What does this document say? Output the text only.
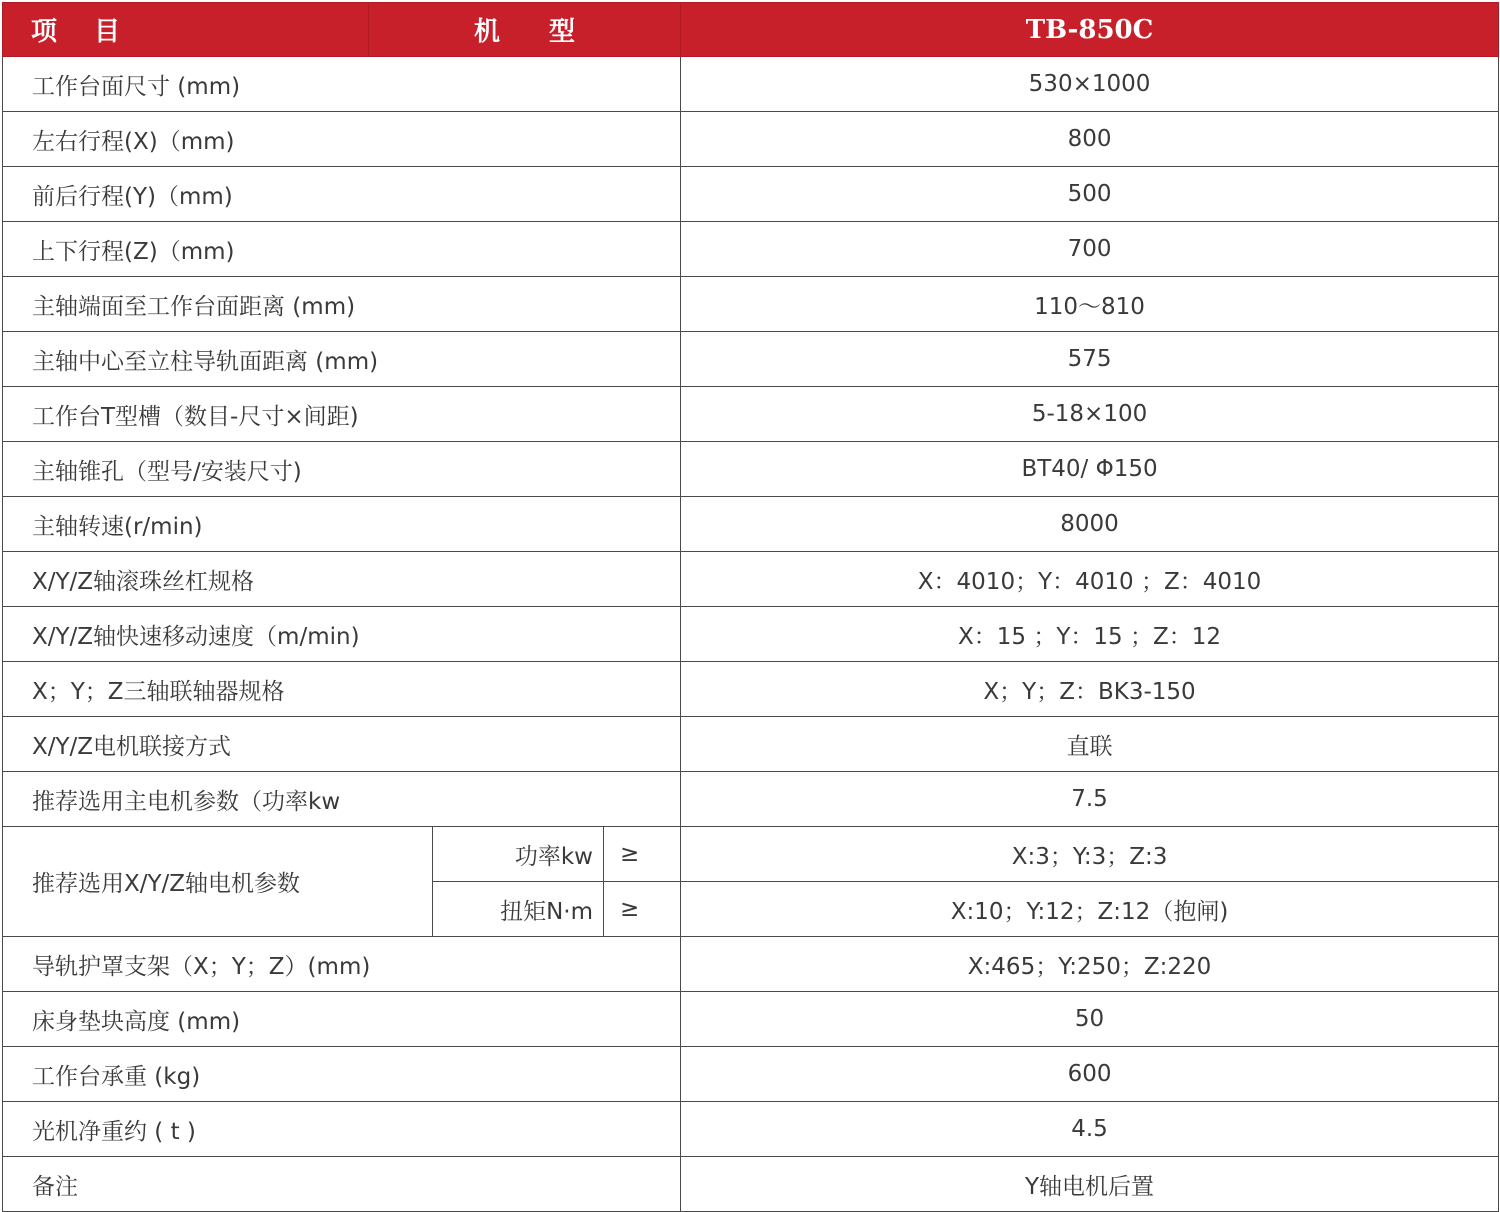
项 目	机 型			TB-850C
工作台面尺寸 (mm)				530×1000
左右行程(X)（mm)				800
前后行程(Y)（mm)				500
上下行程(Z)（mm)				700
主轴端面至工作台面距离 (mm)				110～810
主轴中心至立柱导轨面距离 (mm)				575
工作台T型槽（数目-尺寸×间距)				5-18×100
主轴锥孔（型号/安装尺寸)				BT40/ Φ150
主轴转速(r/min)				8000
X/Y/Z轴滚珠丝杠规格				X：4010；Y：4010 ；Z：4010
X/Y/Z轴快速移动速度（m/min)				X：15 ；Y：15 ；Z：12
X；Y；Z三轴联轴器规格				X；Y；Z：BK3-150
X/Y/Z电机联接方式				直联
推荐选用主电机参数（功率kw				7.5
推荐选用X/Y/Z轴电机参数		功率kw	≥	X:3；Y:3；Z:3
		扭矩N·m	≥	X:10；Y:12；Z:12（抱闸)
导轨护罩支架（X；Y；Z）(mm)				X:465；Y:250；Z:220
床身垫块高度 (mm)				50
工作台承重 (kg)				600
光机净重约 ( t )				4.5
备注				Y轴电机后置
